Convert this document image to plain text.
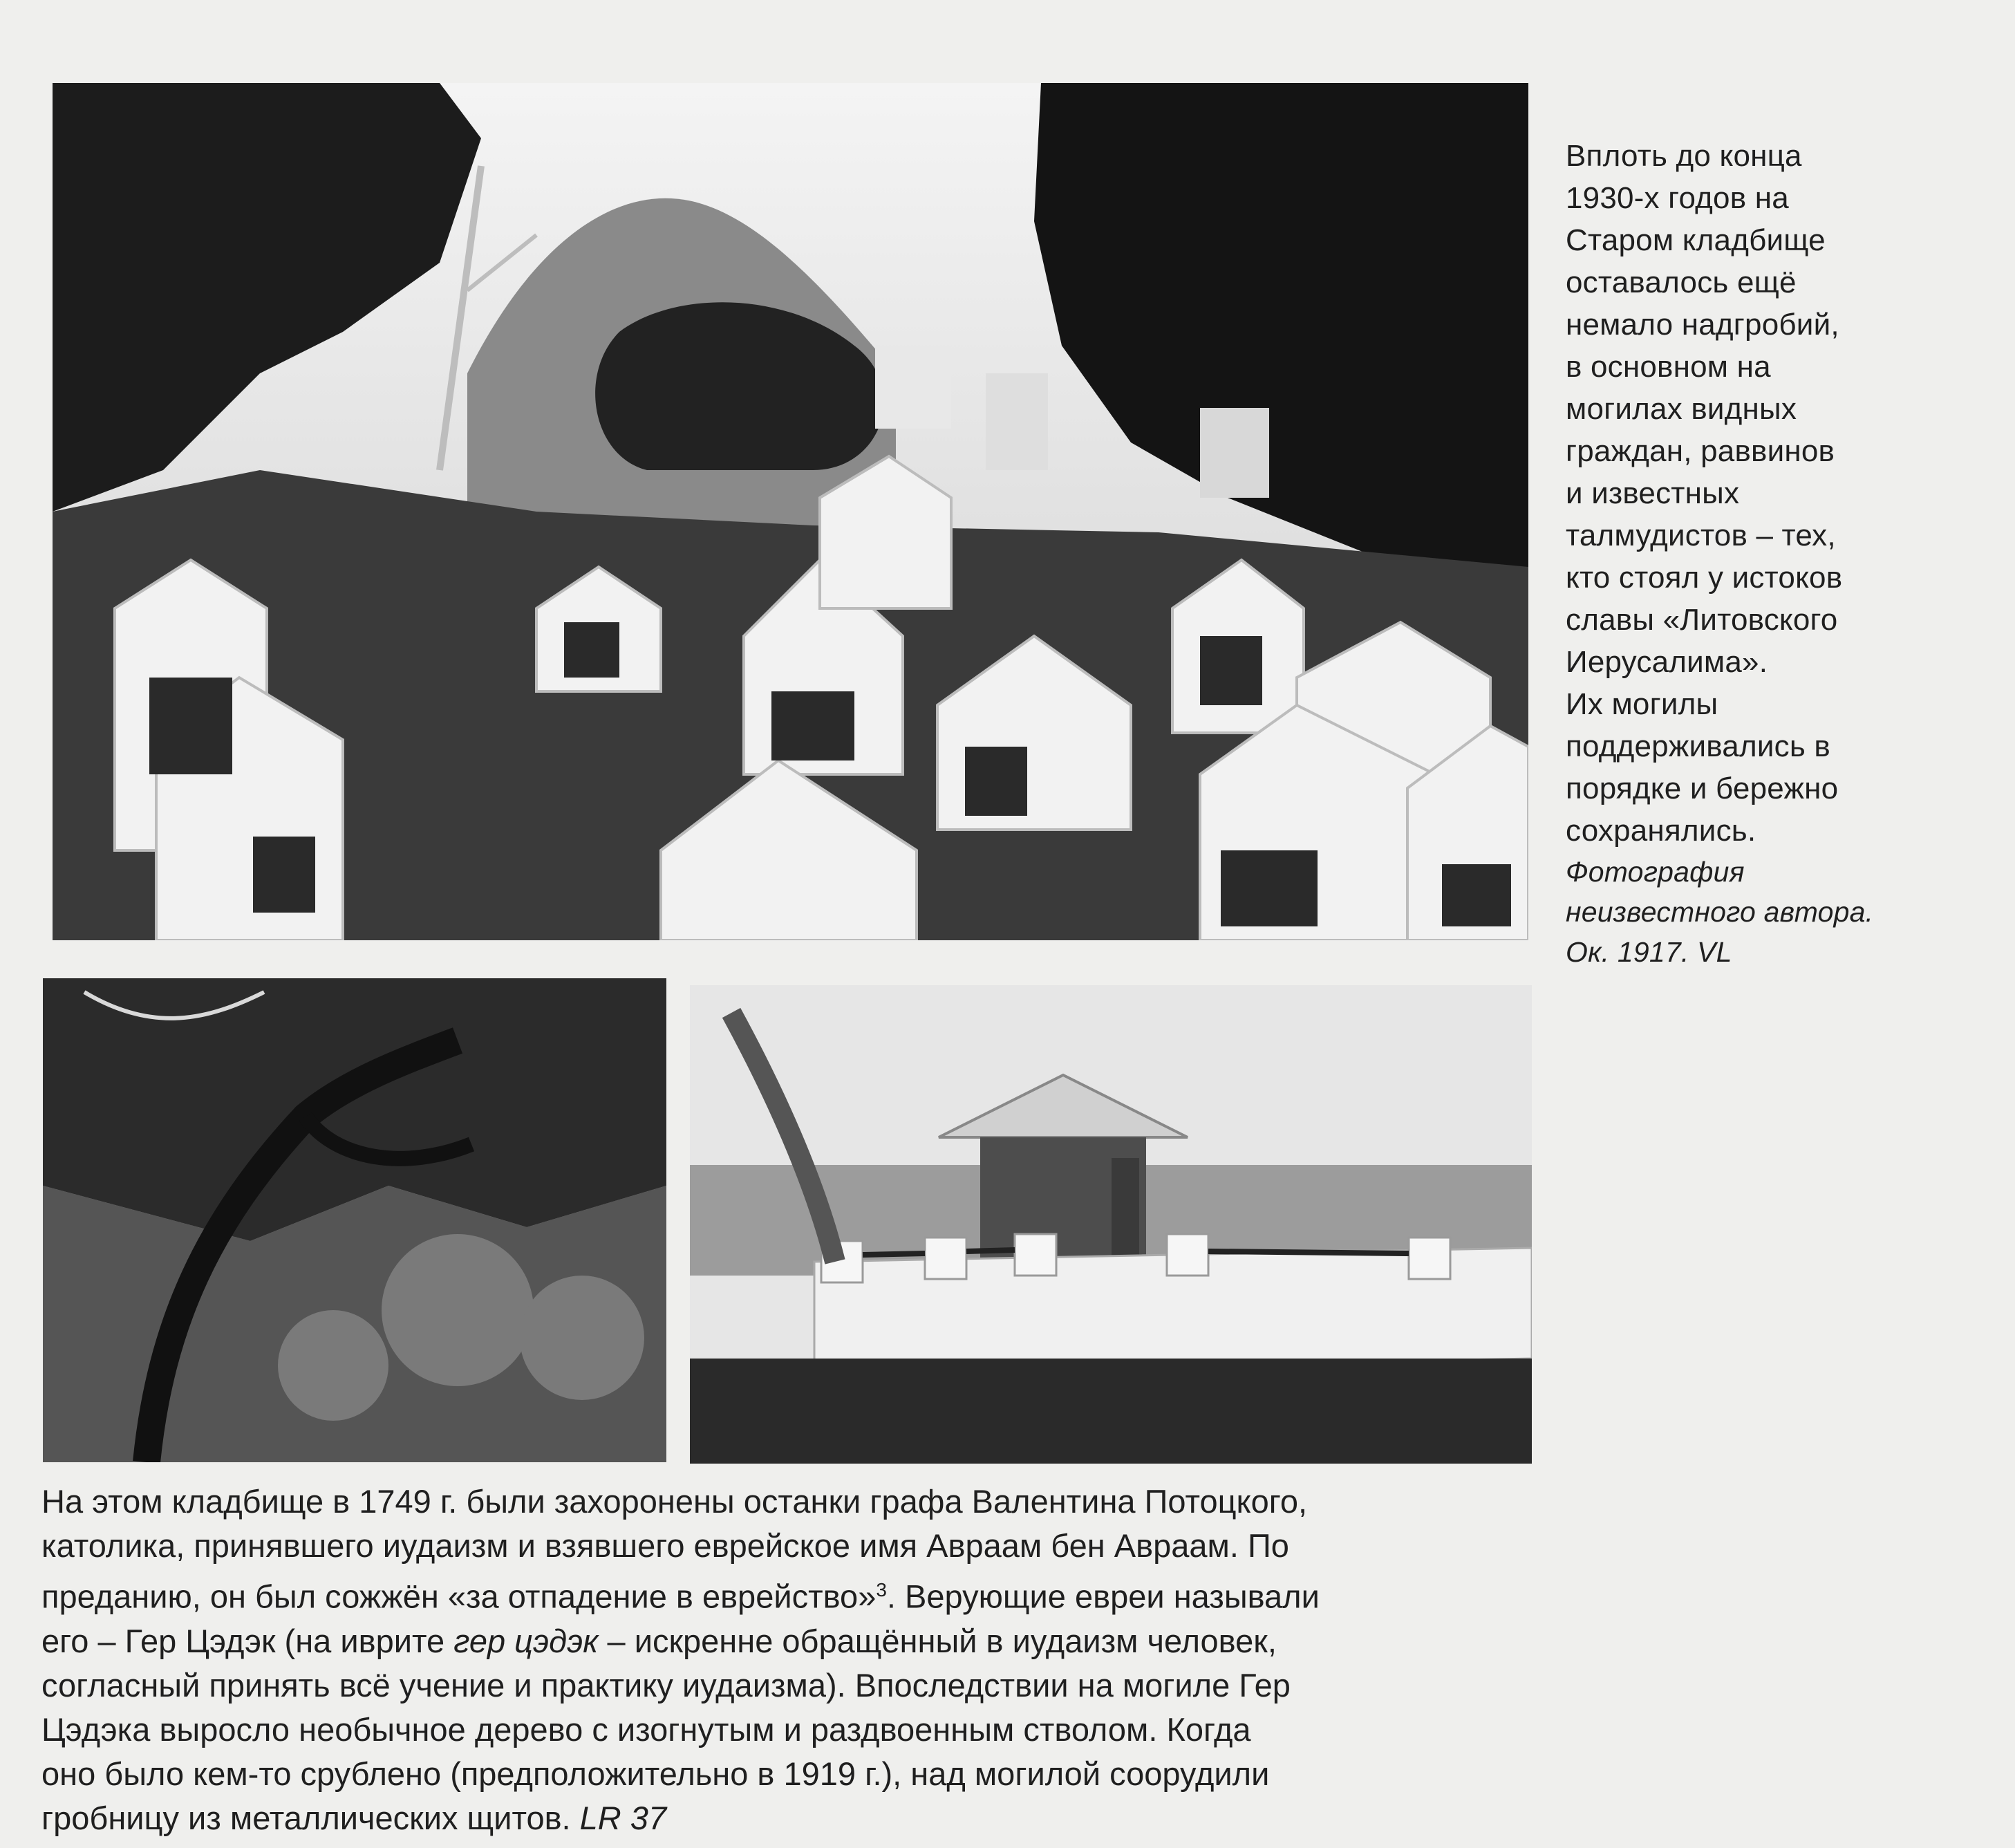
Вплоть до конца

1930-х годов на

Старом кладбище

оставалось ещё

немало надгробий,

в основном на

могилах видных

граждан, раввинов

и известных

талмудистов – тех,

кто стоял у истоков

славы «Литовского

Иерусалима».

Их могилы

поддерживались в

порядке и бережно

сохранялись.

Фотография

неизвестного автора.

Ок. 1917. VL

На этом кладбище в 1749 г. были захоронены останки графа Валентина Потоцкого,
католика, принявшего иудаизм и взявшего еврейское имя Авраам бен Авраам. По
преданию, он был сожжён «за отпадение в еврейство»$^3$. Верующие евреи называли
его – Гер Цэдэк (на иврите гер цэдэк – искренне обращённый в иудаизм человек,
согласный принять всё учение и практику иудаизма). Впоследствии на могиле Гер
Цэдэка выросло необычное дерево с изогнутым и раздвоенным стволом. Когда
оно было кем-то срублено (предположительно в 1919 г.), над могилой соорудили
гробницу из металлических щитов. LR 37
